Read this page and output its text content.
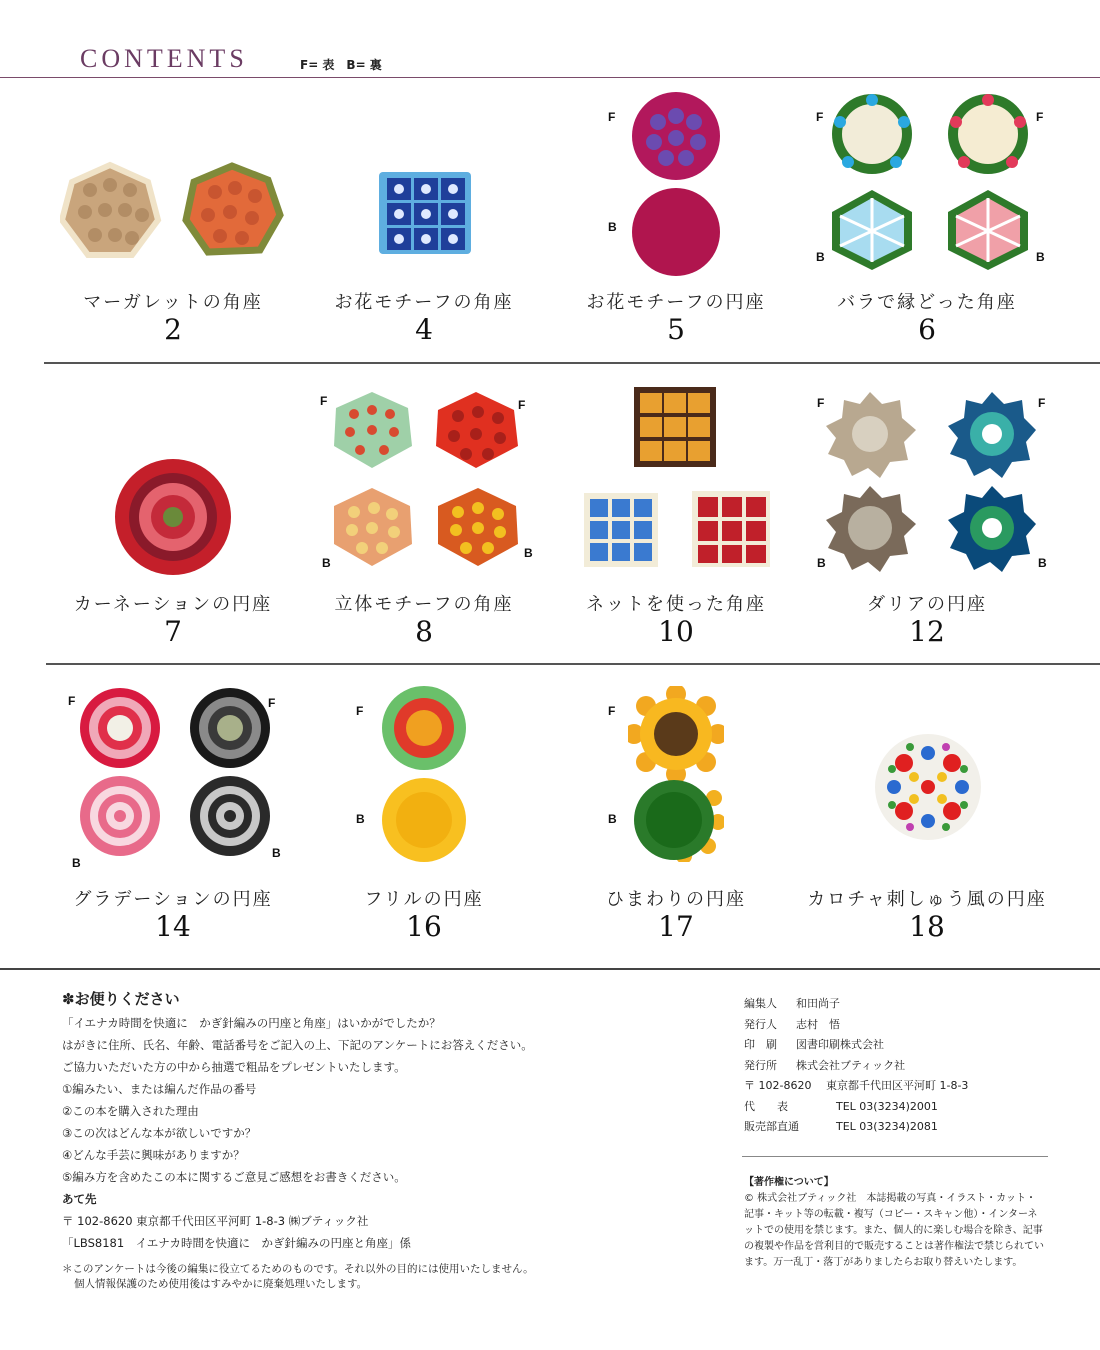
CONTENTS	F= 表　B= 裏
F
B
F	F
B	B
マーガレットの角座
2
お花モチーフの角座
4
お花モチーフの円座
5
バラで縁どった角座
6
F	F
B
B
F	F
B	B
カーネーションの円座
7
立体モチーフの角座
8
ネットを使った角座
10
ダリアの円座
12
F	F
B
B
F
B
F
B
グラデーションの円座
14
フリルの円座
16
ひまわりの円座
17
カロチャ刺しゅう風の円座
18
✽お便りください
「イエナカ時間を快適に　かぎ針編みの円座と角座」はいかがでしたか？
はがきに住所、氏名、年齢、電話番号をご記入の上、下記のアンケートにお答えください。
ご協力いただいた方の中から抽選で粗品をプレゼントいたします。
①編みたい、または編んだ作品の番号
②この本を購入された理由
③この次はどんな本が欲しいですか？
④どんな手芸に興味がありますか？
⑤編み方を含めたこの本に関するご意見ご感想をお書きください。
あて先
〒 102-8620 東京都千代田区平河町 1-8-3 ㈱ブティック社
「LBS8181　イエナカ時間を快適に　かぎ針編みの円座と角座」係
＊このアンケートは今後の編集に役立てるためのものです。それ以外の目的には使用いたしません。
個人情報保護のため使用後はすみやかに廃棄処理いたします。
編集人	和田尚子
発行人	志村　悟
印　刷	図書印刷株式会社
発行所	株式会社ブティック社
〒 102-8620	東京都千代田区平河町 1-8-3
代　　表	TEL 03(3234)2001
販売部直通	TEL 03(3234)2081
【著作権について】
© 株式会社ブティック社　本誌掲載の写真・イラスト・カット・記事・キット等の転載・複写（コピー・スキャン他）・インターネットでの使用を禁じます。また、個人的に楽しむ場合を除き、記事の複製や作品を営利目的で販売することは著作権法で禁じられています。万一乱丁・落丁がありましたらお取り替えいたします。
